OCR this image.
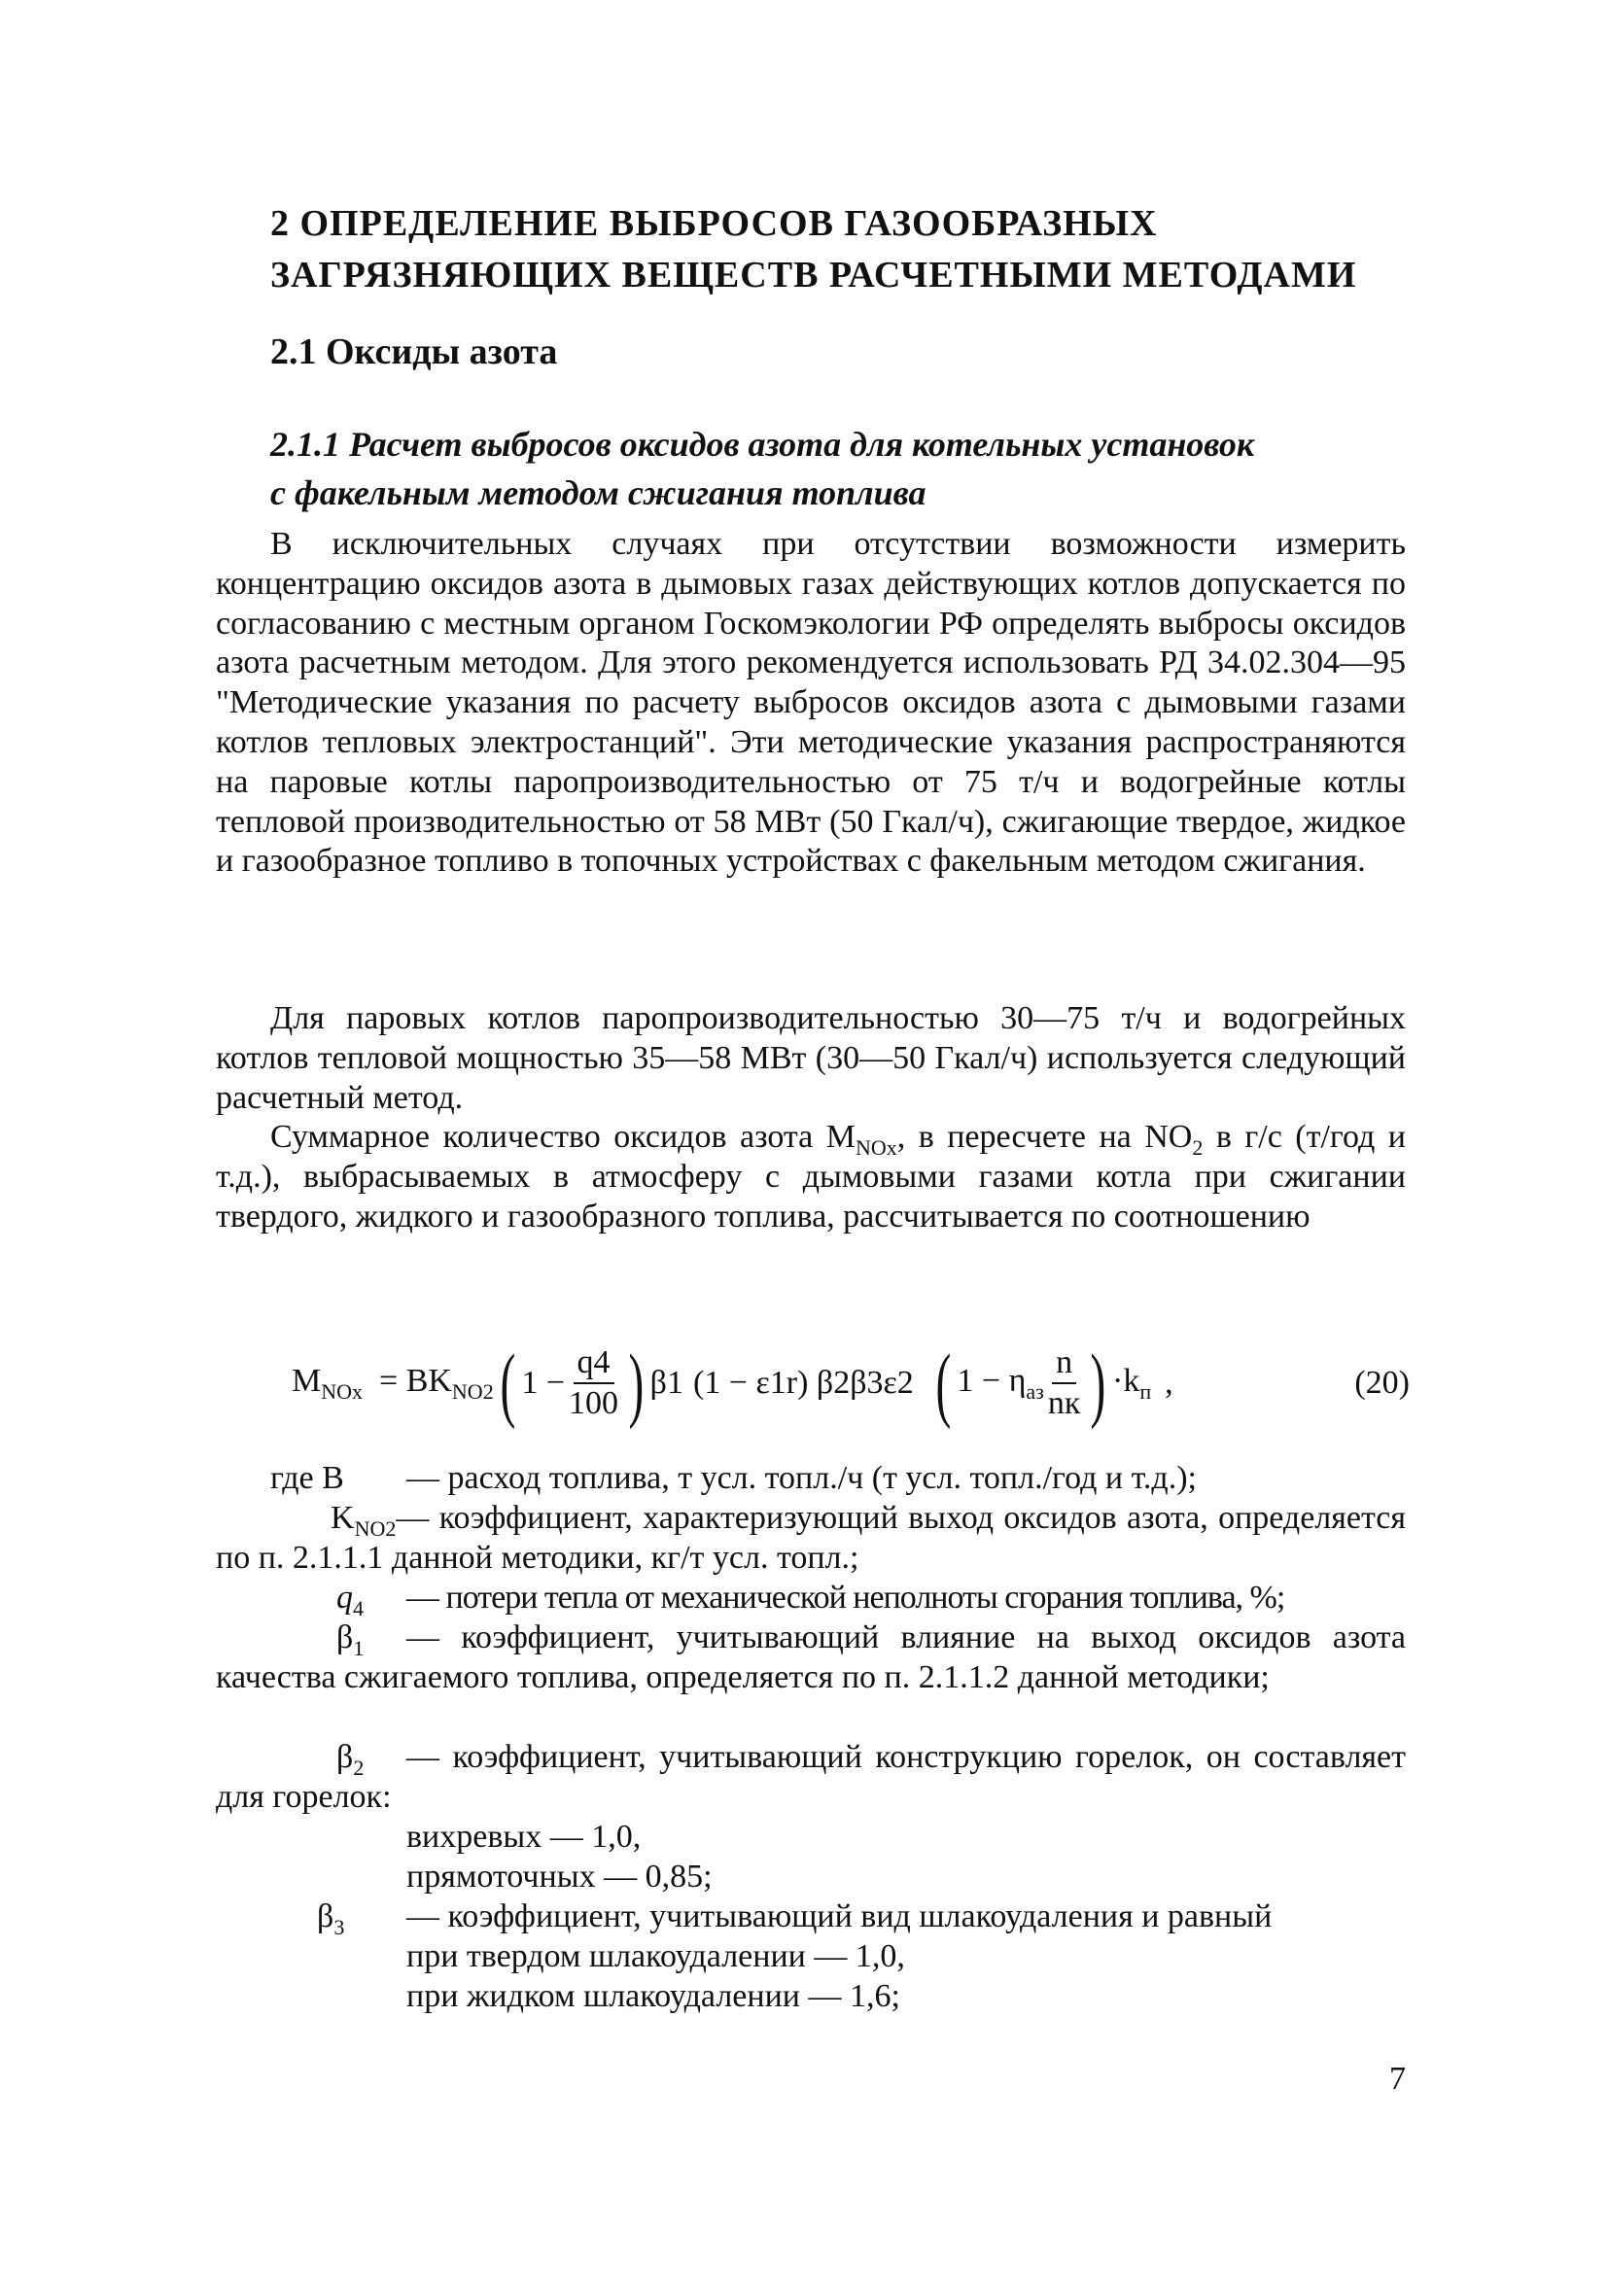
2 ОПРЕДЕЛЕНИЕ ВЫБРОСОВ ГАЗООБРАЗНЫХ
ЗАГРЯЗНЯЮЩИХ ВЕЩЕСТВ РАСЧЕТНЫМИ МЕТОДАМИ
2.1 Оксиды азота
2.1.1 Расчет выбросов оксидов азота для котельных установок
с факельным методом сжигания топлива

В исключительных случаях при отсутствии возможности измерить концентрацию оксидов азота в дымовых газах действующих котлов допускается по согласованию с местным органом Госкомэкологии РФ определять выбросы оксидов азота расчетным методом. Для этого рекомендуется использовать РД 34.02.304—95 "Методические указания по расчету выбросов оксидов азота с дымовыми газами котлов тепловых электростанций". Эти методические указания распространяются на паровые котлы паропроизводительностью от 75 т/ч и водогрейные котлы тепловой производительностью от 58 МВт (50 Гкал/ч), сжигающие твердое, жидкое и газообразное топливо в топочных устройствах с факельным методом сжигания.

Для паровых котлов паропроизводительностью 30—75 т/ч и водогрейных котлов тепловой мощностью 35—58 МВт (30—50 Гкал/ч) используется следующий расчетный метод.

Суммарное количество оксидов азота $M_{NOx}$, в пересчете на $NO_2$ в г/с (т/год и т.д.), выбрасываемых в атмосферу с дымовыми газами котла при сжигании твердого, жидкого и газообразного топлива, рассчитывается по соотношению

$M_{NOx} = BK_{NO2}$ ( $1 - \frac{q4}{100}$ ) β1 (1 − ε1r) β2β3ε2 ( $1 - \eta_{аз} \frac{n}{nк}$ ) $\cdot k_п$ ,	(20)
где B — расход топлива, т усл. топл./ч (т усл. топл./год и т.д.);
$K_{NO2}—$ коэффициент, характеризующий выход оксидов азота, определяется по п. 2.1.1.1 данной методики, кг/т усл. топл.;
$q_4$ — потери тепла от механической неполноты сгорания топлива, %;
$\beta_1$ — коэффициент, учитывающий влияние на выход оксидов азота качества сжигаемого топлива, определяется по п. 2.1.1.2 данной методики;
$\beta_2$ — коэффициент, учитывающий конструкцию горелок, он составляет для горелок:
вихревых — 1,0,
прямоточных — 0,85;
$\beta_3$ — коэффициент, учитывающий вид шлакоудаления и равный
при твердом шлакоудалении — 1,0,
при жидком шлакоудалении — 1,6;
7
